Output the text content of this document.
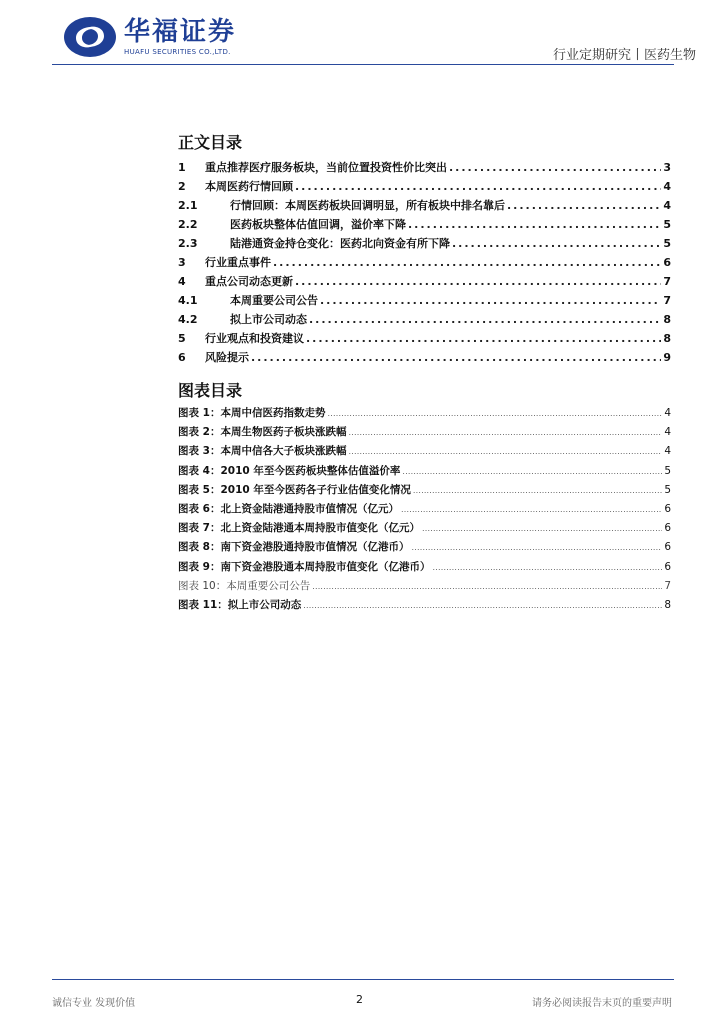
华福证券
HUAFU SECURITIES CO.,LTD.	行业定期研究丨医药生物
正文目录
1	重点推荐医疗服务板块，当前位置投资性价比突出 .....	3
2	本周医药行情回顾 .....	4
2.1	行情回顾：本周医药板块回调明显，所有板块中排名靠后 .....	4
2.2	医药板块整体估值回调，溢价率下降 .....	5
2.3	陆港通资金持仓变化：医药北向资金有所下降 .....	5
3	行业重点事件 .....	6
4	重点公司动态更新 .....	7
4.1	本周重要公司公告 .....	7
4.2	拟上市公司动态 .....	8
5	行业观点和投资建议 .....	8
6	风险提示 .....	9
图表目录
图表 1：本周中信医药指数走势 .....	4
图表 2：本周生物医药子板块涨跌幅 .....	4
图表 3：本周中信各大子板块涨跌幅 .....	4
图表 4：2010 年至今医药板块整体估值溢价率 .....	5
图表 5：2010 年至今医药各子行业估值变化情况 .....	5
图表 6：北上资金陆港通持股市值情况（亿元） .....	6
图表 7：北上资金陆港通本周持股市值变化（亿元） .....	6
图表 8：南下资金港股通持股市值情况（亿港币） .....	6
图表 9：南下资金港股通本周持股市值变化（亿港币） .....	6
图表 10：本周重要公司公告 .....	7
图表 11：拟上市公司动态 .....	8
诚信专业 发现价值	2	请务必阅读报告末页的重要声明
